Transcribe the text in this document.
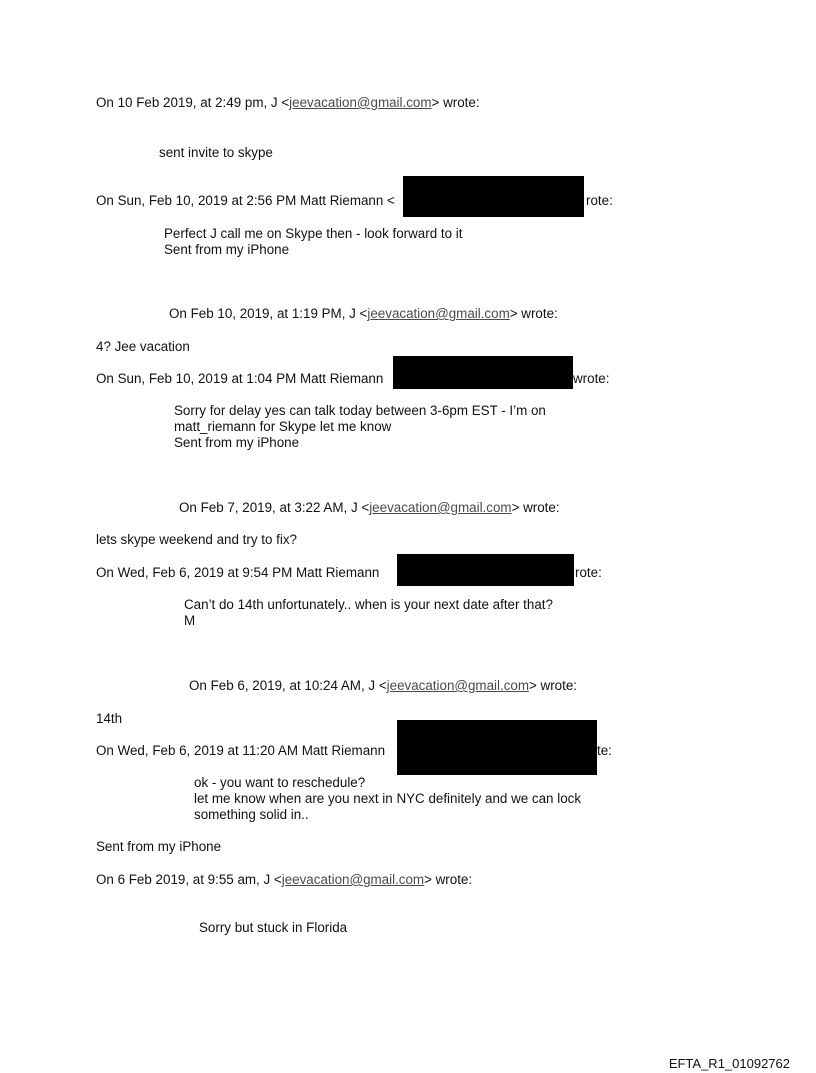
On 10 Feb 2019, at 2:49 pm, J <jeevacation@gmail.com> wrote:
sent invite to skype
On Sun, Feb 10, 2019 at 2:56 PM Matt Riemann <	rote:
Perfect J call me on Skype then - look forward to it
Sent from my iPhone
On Feb 10, 2019, at 1:19 PM, J <jeevacation@gmail.com> wrote:
4? Jee vacation
On Sun, Feb 10, 2019 at 1:04 PM Matt Riemann	wrote:
Sorry for delay yes can talk today between 3-6pm EST - I’m on
matt_riemann for Skype let me know
Sent from my iPhone
On Feb 7, 2019, at 3:22 AM, J <jeevacation@gmail.com> wrote:
lets skype weekend and try to fix?
On Wed, Feb 6, 2019 at 9:54 PM Matt Riemann	rote:
Can’t do 14th unfortunately.. when is your next date after that?
M
On Feb 6, 2019, at 10:24 AM, J <jeevacation@gmail.com> wrote:
14th
On Wed, Feb 6, 2019 at 11:20 AM Matt Riemann	te:
ok - you want to reschedule?
let me know when are you next in NYC definitely and we can lock
something solid in..
Sent from my iPhone
On 6 Feb 2019, at 9:55 am, J <jeevacation@gmail.com> wrote:
Sorry but stuck in Florida
EFTA_R1_01092762
